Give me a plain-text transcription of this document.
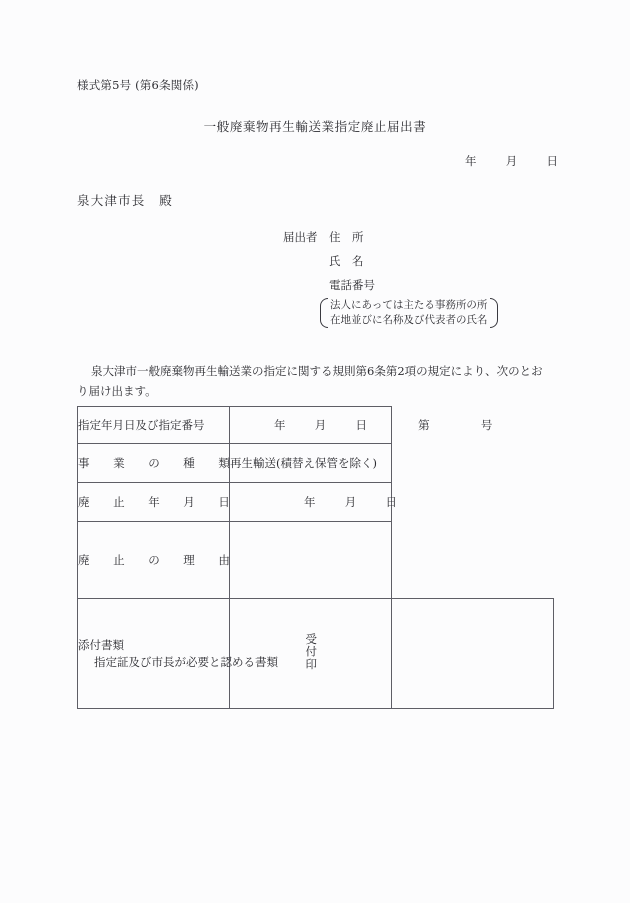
様式第5号 (第6条関係)
一般廃棄物再生輸送業指定廃止届出書
年        月        日
泉大津市長　殿
届出者 住　所
氏　名
電話番号
法人にあっては主たる事務所の所
在地並びに名称及び代表者の氏名
泉大津市一般廃棄物再生輸送業の指定に関する規則第6条第2項の規定により、次のとお
り届け出ます。
指定年月日及び指定番号	年        月        日              第              号	
事　　業　　の　　種　　類	再生輸送(積替え保管を除く)	
廃　　止　　年　　月　　日	年        月        日	
廃　　止　　の　　理　　由		

添付書類
指定証及び市長が必要と認める書類	受付印	
